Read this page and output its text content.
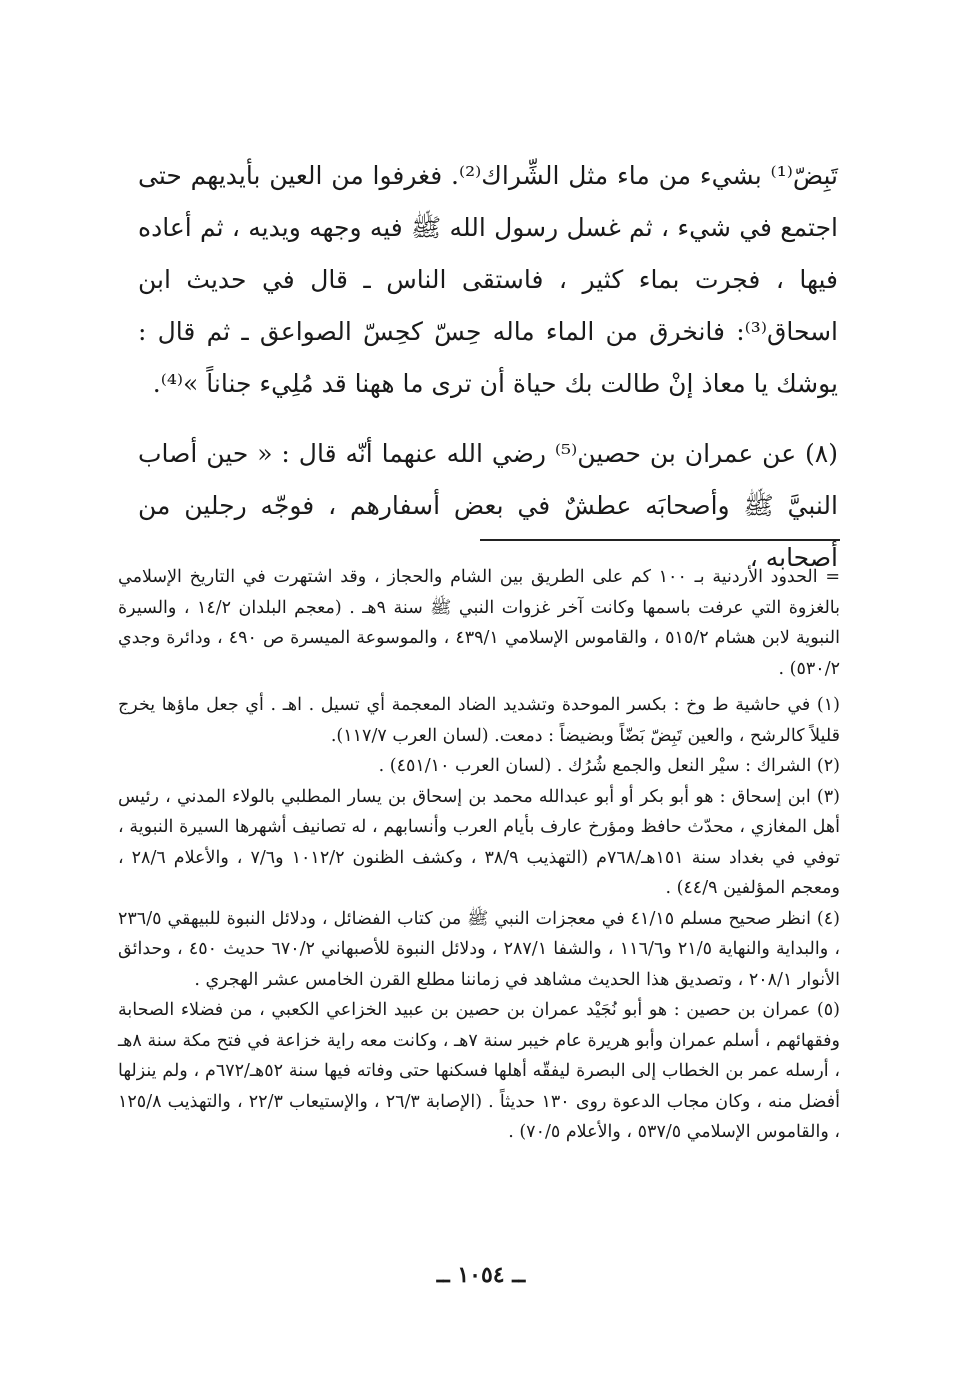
تَبِضّ⁽¹⁾ بشيء من ماء مثل الشِّراك⁽²⁾. فغرفوا من العين بأيديهم حتى اجتمع في شيء ، ثم غسل رسول الله ﷺ فيه وجهه ويديه ، ثم أعاده فيها ، فجرت بماء كثير ، فاستقى الناس ـ قال في حديث ابن اسحاق⁽³⁾: فانخرق من الماء ماله حِسّ كحِسّ الصواعق ـ ثم قال : يوشك يا معاذ إنْ طالت بك حياة أن ترى ما ههنا قد مُلِيء جناناً »⁽⁴⁾.

(٨) عن عمران بن حصين⁽⁵⁾ رضي الله عنهما أنّه قال : « حين أصاب النبيَّ ﷺ وأصحابَه عطشٌ في بعض أسفارهم ، فوجّه رجلين من أصحابه ،

= الحدود الأردنية بـ ١٠٠ كم على الطريق بين الشام والحجاز ، وقد اشتهرت في التاريخ الإسلامي بالغزوة التي عرفت باسمها وكانت آخر غزوات النبي ﷺ سنة ٩هـ . (معجم البلدان ١٤/٢ ، والسيرة النبوية لابن هشام ٥١٥/٢ ، والقاموس الإسلامي ٤٣٩/١ ، والموسوعة الميسرة ص ٤٩٠ ، ودائرة وجدي ٥٣٠/٢) .

(١) في حاشية ط وخ : بكسر الموحدة وتشديد الضاد المعجمة أي تسيل . اهـ . أي جعل ماؤها يخرج قليلاً كالرشح ، والعين تَبِضّ بَضّاً وبضيضاً : دمعت. (لسان العرب ١١٧/٧).

(٢) الشراك : سيْر النعل والجمع شُرُك . (لسان العرب ٤٥١/١٠) .

(٣) ابن إسحاق : هو أبو بكر أو أبو عبدالله محمد بن إسحاق بن يسار المطلبي بالولاء المدني ، رئيس أهل المغازي ، محدّث حافظ ومؤرخ عارف بأيام العرب وأنسابهم ، له تصانيف أشهرها السيرة النبوية ، توفي في بغداد سنة ١٥١هـ/٧٦٨م (التهذيب ٣٨/٩ ، وكشف الظنون ١٠١٢/٢ و٧/٦ ، والأعلام ٢٨/٦ ، ومعجم المؤلفين ٤٤/٩) .

(٤) انظر صحيح مسلم ٤١/١٥ في معجزات النبي ﷺ من كتاب الفضائل ، ودلائل النبوة للبيهقي ٢٣٦/٥ ، والبداية والنهاية ٢١/٥ و١١٦/٦ ، والشفا ٢٨٧/١ ، ودلائل النبوة للأصبهاني ٦٧٠/٢ حديث ٤٥٠ ، وحدائق الأنوار ٢٠٨/١ ، وتصديق هذا الحديث مشاهد في زماننا مطلع القرن الخامس عشر الهجري .

(٥) عمران بن حصين : هو أبو نُجَيْد عمران بن حصين بن عبيد الخزاعي الكعبي ، من فضلاء الصحابة وفقهائهم ، أسلم عمران وأبو هريرة عام خيبر سنة ٧هـ ، وكانت معه راية خزاعة في فتح مكة سنة ٨هـ ، أرسله عمر بن الخطاب إلى البصرة ليفقّه أهلها فسكنها حتى وفاته فيها سنة ٥٢هـ/٦٧٢م ، ولم ينزلها أفضل منه ، وكان مجاب الدعوة روى ١٣٠ حديثاً . (الإصابة ٢٦/٣ ، والإستيعاب ٢٢/٣ ، والتهذيب ١٢٥/٨ ، والقاموس الإسلامي ٥٣٧/٥ ، والأعلام ٧٠/٥) .

ــ ١٠٥٤ ــ
